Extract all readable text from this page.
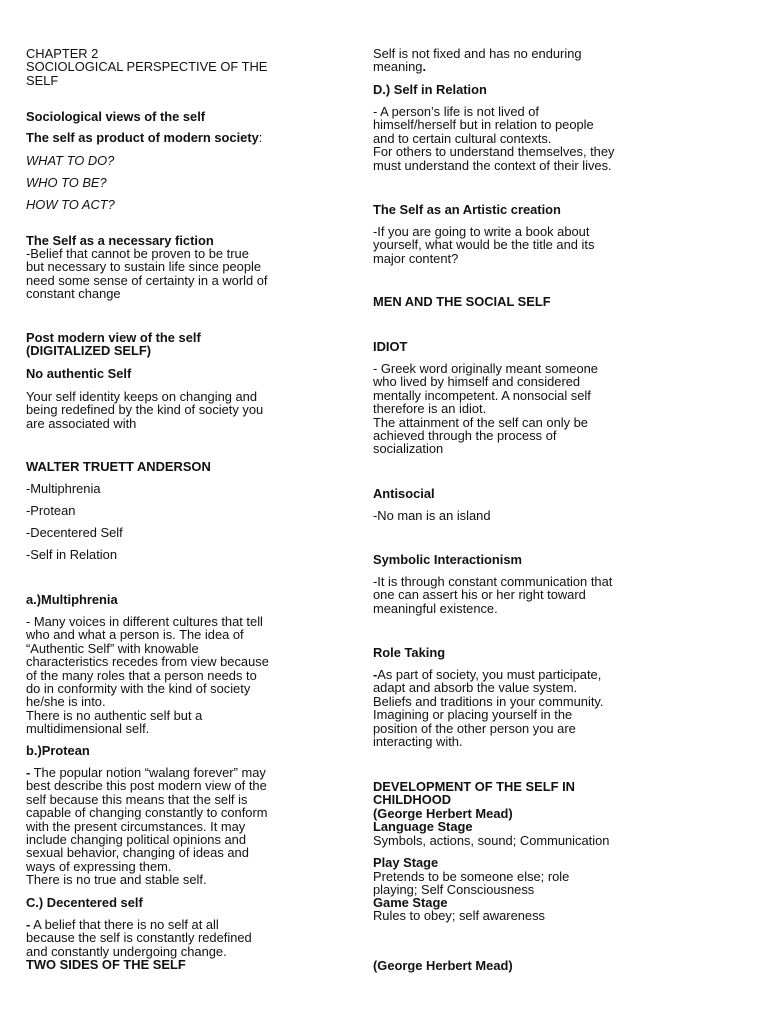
CHAPTER 2
SOCIOLOGICAL PERSPECTIVE OF THE
SELF
Sociological views of the self
The self as product of modern society:
WHAT TO DO?
WHO TO BE?
HOW TO ACT?
The Self as a necessary fiction
-Belief that cannot be proven to be true
but necessary to sustain life since people
need some sense of certainty in a world of
constant change
Post modern view of the self
(DIGITALIZED SELF)
No authentic Self
Your self identity keeps on changing and
being redefined by the kind of society you
are associated with
WALTER TRUETT ANDERSON
-Multiphrenia
-Protean
-Decentered Self
-Self in Relation
a.)Multiphrenia
- Many voices in different cultures that tell
who and what a person is. The idea of
“Authentic Self” with knowable
characteristics recedes from view because
of the many roles that a person needs to
do in conformity with the kind of society
he/she is into.
There is no authentic self but a
multidimensional self.
b.)Protean
- The popular notion “walang forever” may
best describe this post modern view of the
self because this means that the self is
capable of changing constantly to conform
with the present circumstances. It may
include changing political opinions and
sexual behavior, changing of ideas and
ways of expressing them.
There is no true and stable self.
C.) Decentered self
- A belief that there is no self at all
because the self is constantly redefined
and constantly undergoing change.
TWO SIDES OF THE SELF
Self is not fixed and has no enduring
meaning.
D.) Self in Relation
- A person’s life is not lived of
himself/herself but in relation to people
and to certain cultural contexts.
For others to understand themselves, they
must understand the context of their lives.
The Self as an Artistic creation
-If you are going to write a book about
yourself, what would be the title and its
major content?
MEN AND THE SOCIAL SELF
IDIOT
- Greek word originally meant someone
who lived by himself and considered
mentally incompetent. A nonsocial self
therefore is an idiot.
The attainment of the self can only be
achieved through the process of
socialization
Antisocial
-No man is an island
Symbolic Interactionism
-It is through constant communication that
one can assert his or her right toward
meaningful existence.
Role Taking
-As part of society, you must participate,
adapt and absorb the value system.
Beliefs and traditions in your community.
Imagining or placing yourself in the
position of the other person you are
interacting with.
DEVELOPMENT OF THE SELF IN
CHILDHOOD
(George Herbert Mead)
Language Stage
Symbols, actions, sound; Communication
Play Stage
Pretends to be someone else; role
playing; Self Consciousness
Game Stage
Rules to obey; self awareness
(George Herbert Mead)
